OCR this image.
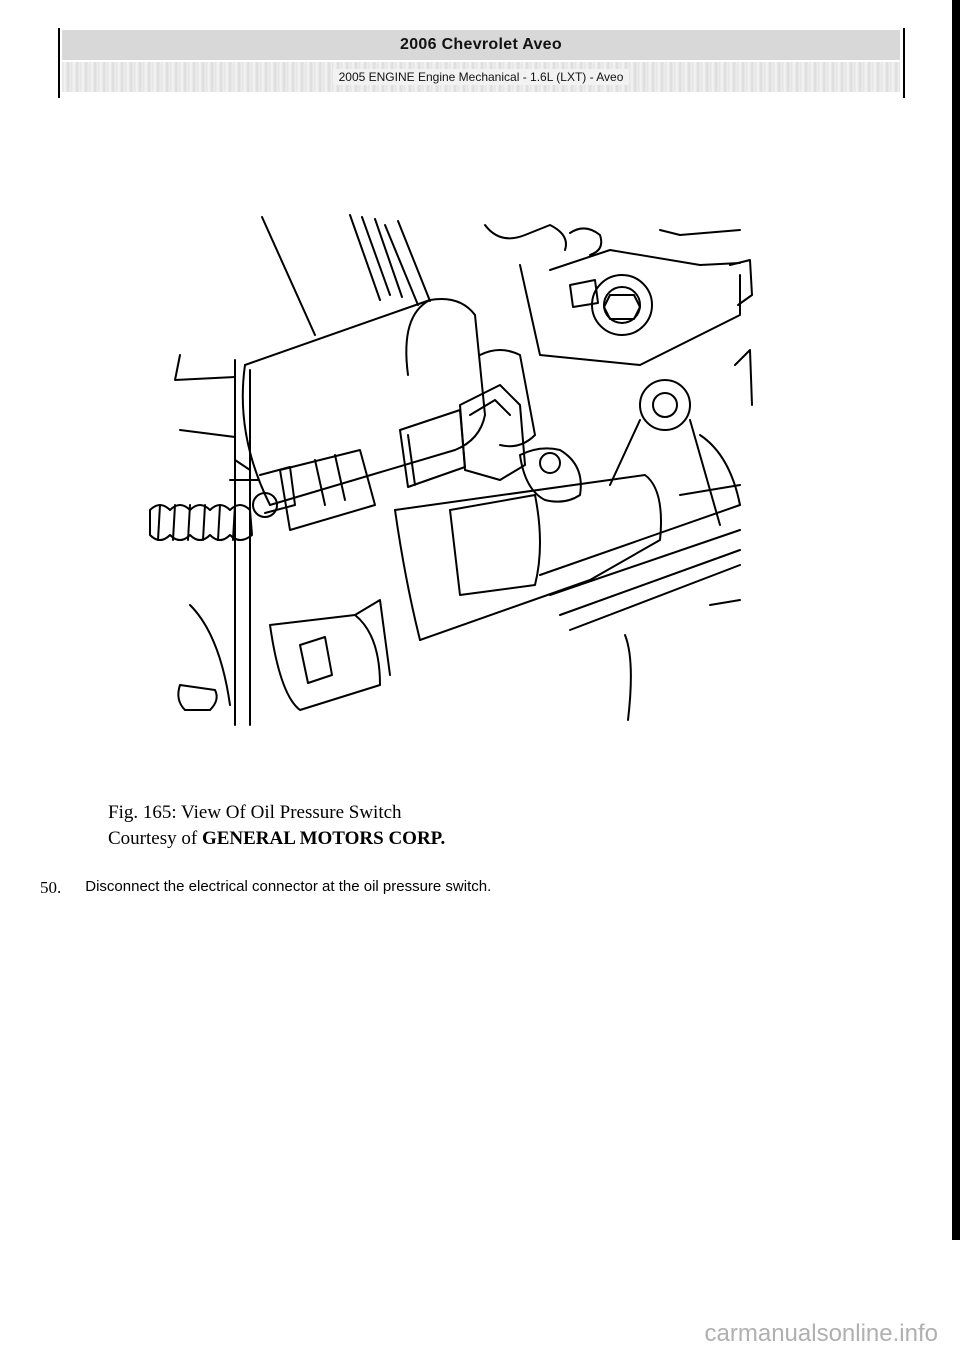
2006 Chevrolet Aveo
2005 ENGINE Engine Mechanical - 1.6L (LXT) - Aveo
Fig. 165: View Of Oil Pressure Switch
Courtesy of GENERAL MOTORS CORP.
50. Disconnect the electrical connector at the oil pressure switch.
carmanualsonline.info
